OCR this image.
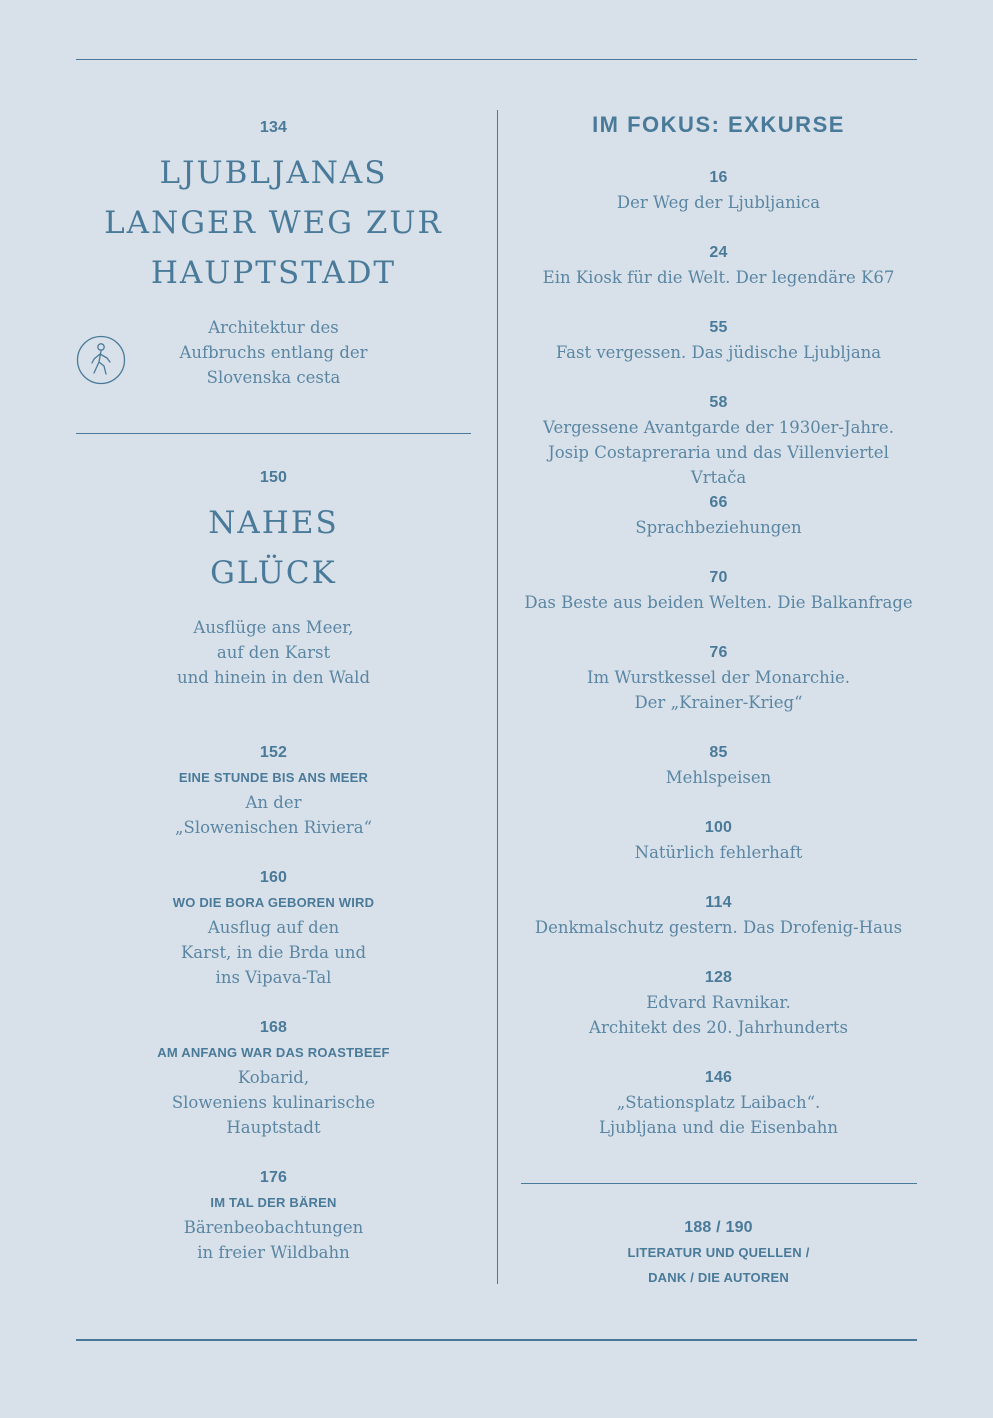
134
LJUBLJANAS
LANGER WEG ZUR
HAUPTSTADT
Architektur des
Aufbruchs entlang der
Slovenska cesta
150
NAHES
GLÜCK
Ausflüge ans Meer,
auf den Karst
und hinein in den Wald
152
EINE STUNDE BIS ANS MEER
An der
„Slowenischen Riviera“
160
WO DIE BORA GEBOREN WIRD
Ausflug auf den
Karst, in die Brda und
ins Vipava-Tal
168
AM ANFANG WAR DAS ROASTBEEF
Kobarid,
Sloweniens kulinarische
Hauptstadt
176
IM TAL DER BÄREN
Bärenbeobachtungen
in freier Wildbahn
IM FOKUS: EXKURSE
16
Der Weg der Ljubljanica
24
Ein Kiosk für die Welt. Der legendäre K67
55
Fast vergessen. Das jüdische Ljubljana
58
Vergessene Avantgarde der 1930er-Jahre.
Josip Costapreraria und das Villenviertel Vrtača
66
Sprachbeziehungen
70
Das Beste aus beiden Welten. Die Balkanfrage
76
Im Wurstkessel der Monarchie.
Der „Krainer-Krieg“
85
Mehlspeisen
100
Natürlich fehlerhaft
114
Denkmalschutz gestern. Das Drofenig-Haus
128
Edvard Ravnikar.
Architekt des 20. Jahrhunderts
146
„Stationsplatz Laibach“.
Ljubljana und die Eisenbahn
188 / 190
LITERATUR UND QUELLEN /
DANK / DIE AUTOREN
